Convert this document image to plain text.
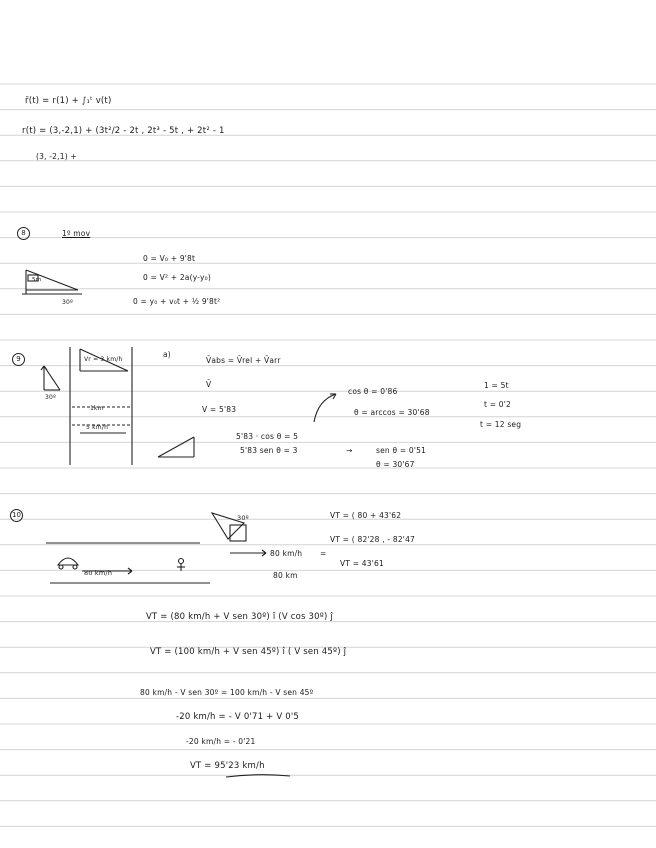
r̄(t) = r(1) + ∫₁ᵗ v(t)
r(t) = (3,-2,1) + (3t²/2 - 2t , 2t³ - 5t , + 2t² - 1
(3, -2,1) +
8	1º mov
5m
30º
0 = V₀ + 9'8t
0 = V² + 2a(y-y₀)
0 = y₀ + v₀t + ½ 9'8t²
9
30º
Vr = 3 km/h
1km
5 km/h
a)
V̄abs = V̄rel + V̄arr
V̄
V = 5'83
5'83 · cos θ = 5
5'83 sen θ = 3	→
cos θ = 0'86
θ = arccos = 30'68
sen θ = 0'51
θ = 30'67
1 = 5t
t = 0'2
t = 12 seg
10	30º
80 km/h
80 km/h =
80 km
VT = ( 80 + 43'62
VT = ( 82'28 , - 82'47
VT = 43'61
VT = (80 km/h + V sen 30º) î (V cos 30º) ĵ
VT = (100 km/h + V sen 45º) î ( V sen 45º) ĵ
80 km/h - V sen 30º = 100 km/h - V sen 45º
-20 km/h = - V 0'71 + V 0'5
-20 km/h = - 0'21
VT = 95'23 km/h
